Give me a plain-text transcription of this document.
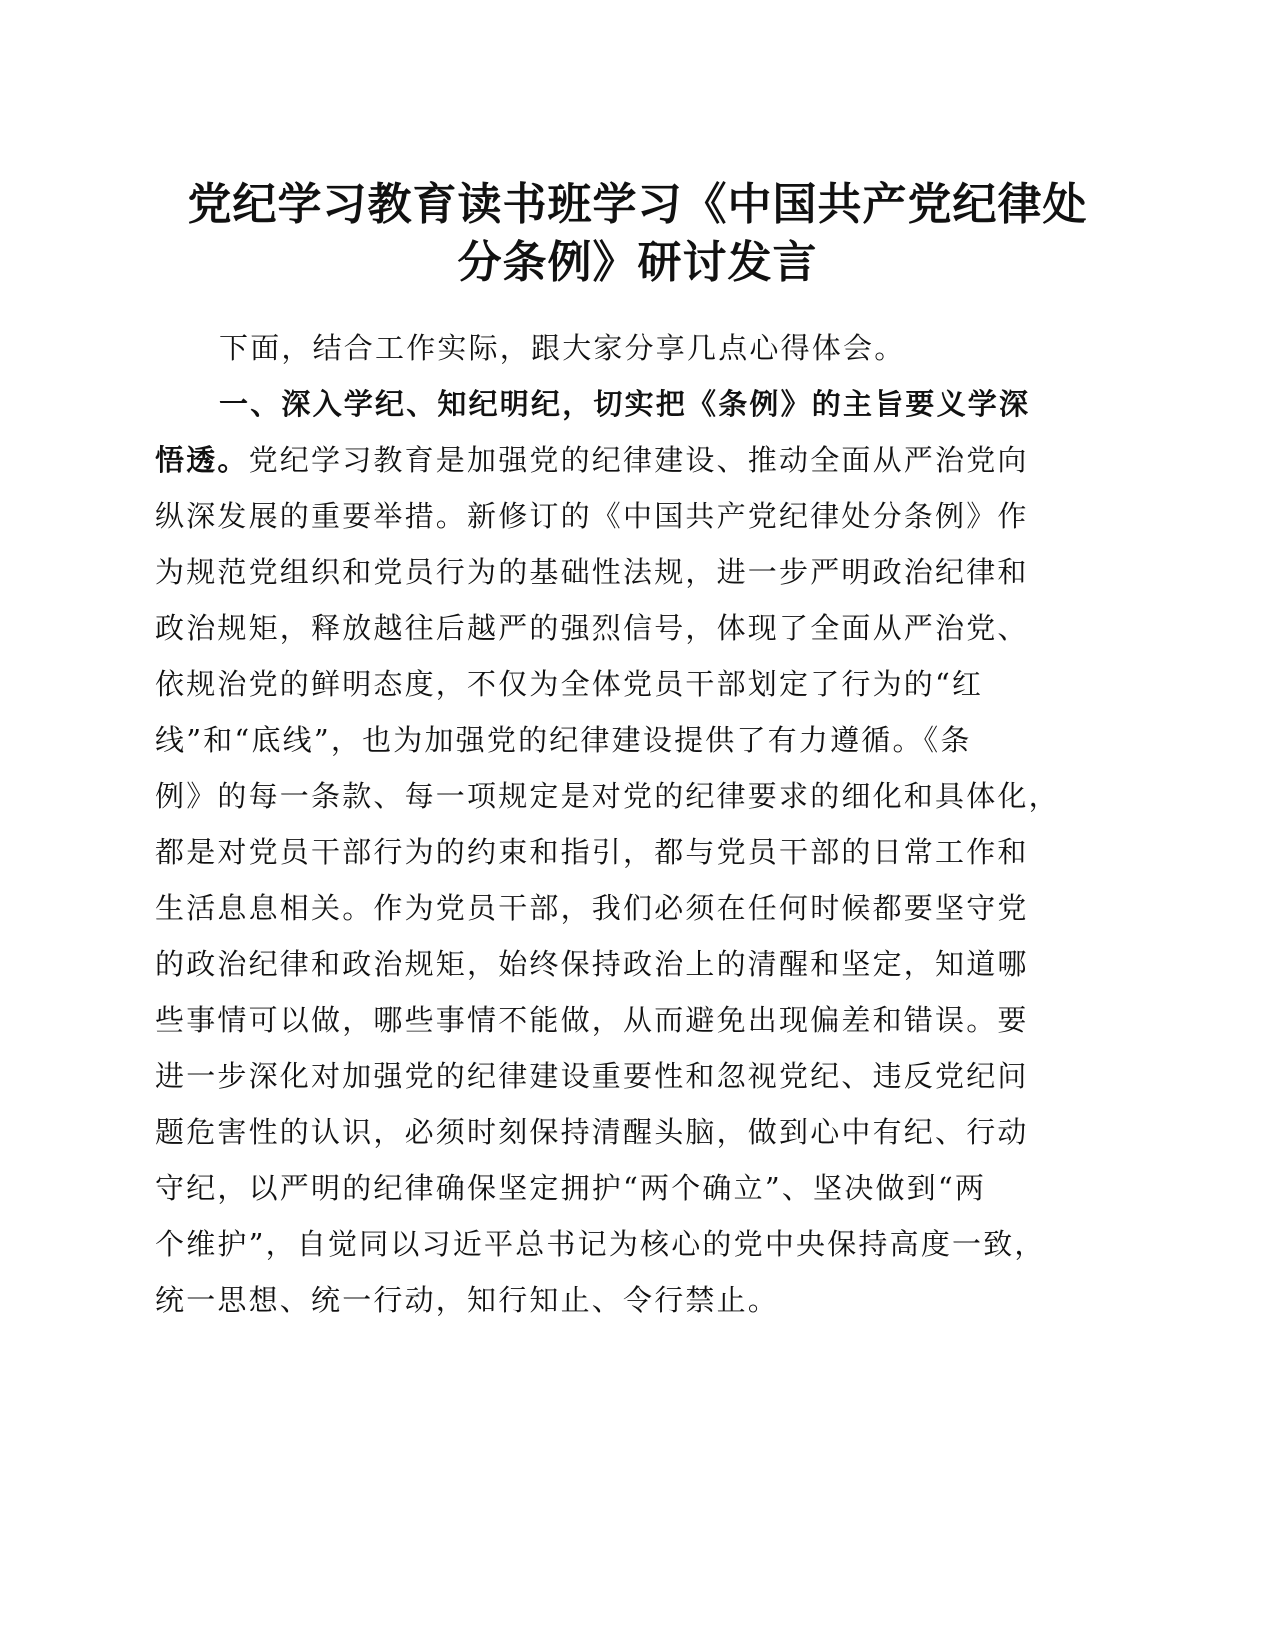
党纪学习教育读书班学习《中国共产党纪律处
分条例》研讨发言

下面，结合工作实际，跟大家分享几点心得体会。

一、深入学纪、知纪明纪，切实把《条例》的主旨要义学深
悟透。党纪学习教育是加强党的纪律建设、推动全面从严治党向
纵深发展的重要举措。新修订的《中国共产党纪律处分条例》作
为规范党组织和党员行为的基础性法规，进一步严明政治纪律和
政治规矩，释放越往后越严的强烈信号，体现了全面从严治党、
依规治党的鲜明态度，不仅为全体党员干部划定了行为的“红
线”和“底线”，也为加强党的纪律建设提供了有力遵循。《条
例》的每一条款、每一项规定是对党的纪律要求的细化和具体化，
都是对党员干部行为的约束和指引，都与党员干部的日常工作和
生活息息相关。作为党员干部，我们必须在任何时候都要坚守党
的政治纪律和政治规矩，始终保持政治上的清醒和坚定，知道哪
些事情可以做，哪些事情不能做，从而避免出现偏差和错误。要
进一步深化对加强党的纪律建设重要性和忽视党纪、违反党纪问
题危害性的认识，必须时刻保持清醒头脑，做到心中有纪、行动
守纪，以严明的纪律确保坚定拥护“两个确立”、坚决做到“两
个维护”，自觉同以习近平总书记为核心的党中央保持高度一致，
统一思想、统一行动，知行知止、令行禁止。
